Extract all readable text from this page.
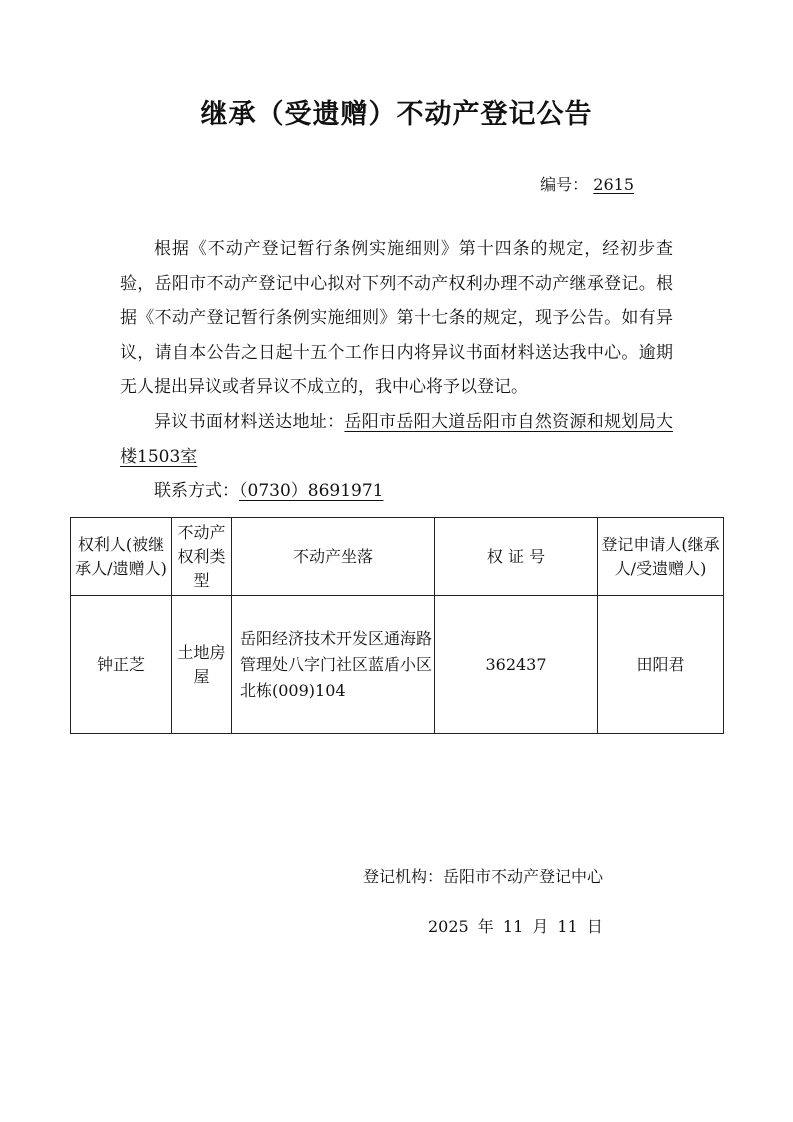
继承（受遗赠）不动产登记公告
编号： 2615

根据《不动产登记暂行条例实施细则》第十四条的规定，经初步查验，岳阳市不动产登记中心拟对下列不动产权利办理不动产继承登记。根据《不动产登记暂行条例实施细则》第十七条的规定，现予公告。如有异议，请自本公告之日起十五个工作日内将异议书面材料送达我中心。逾期无人提出异议或者异议不成立的，我中心将予以登记。

异议书面材料送达地址：岳阳市岳阳大道岳阳市自然资源和规划局大楼1503室

联系方式：（0730）8691971

权利人(被继承人/遗赠人)	不动产权利类型	不动产坐落	权 证 号	登记申请人(继承人/受遗赠人)
钟正芝	土地房屋	岳阳经济技术开发区通海路管理处八字门社区蓝盾小区北栋(009)104	362437	田阳君
登记机构：岳阳市不动产登记中心
2025 年 11 月 11 日
